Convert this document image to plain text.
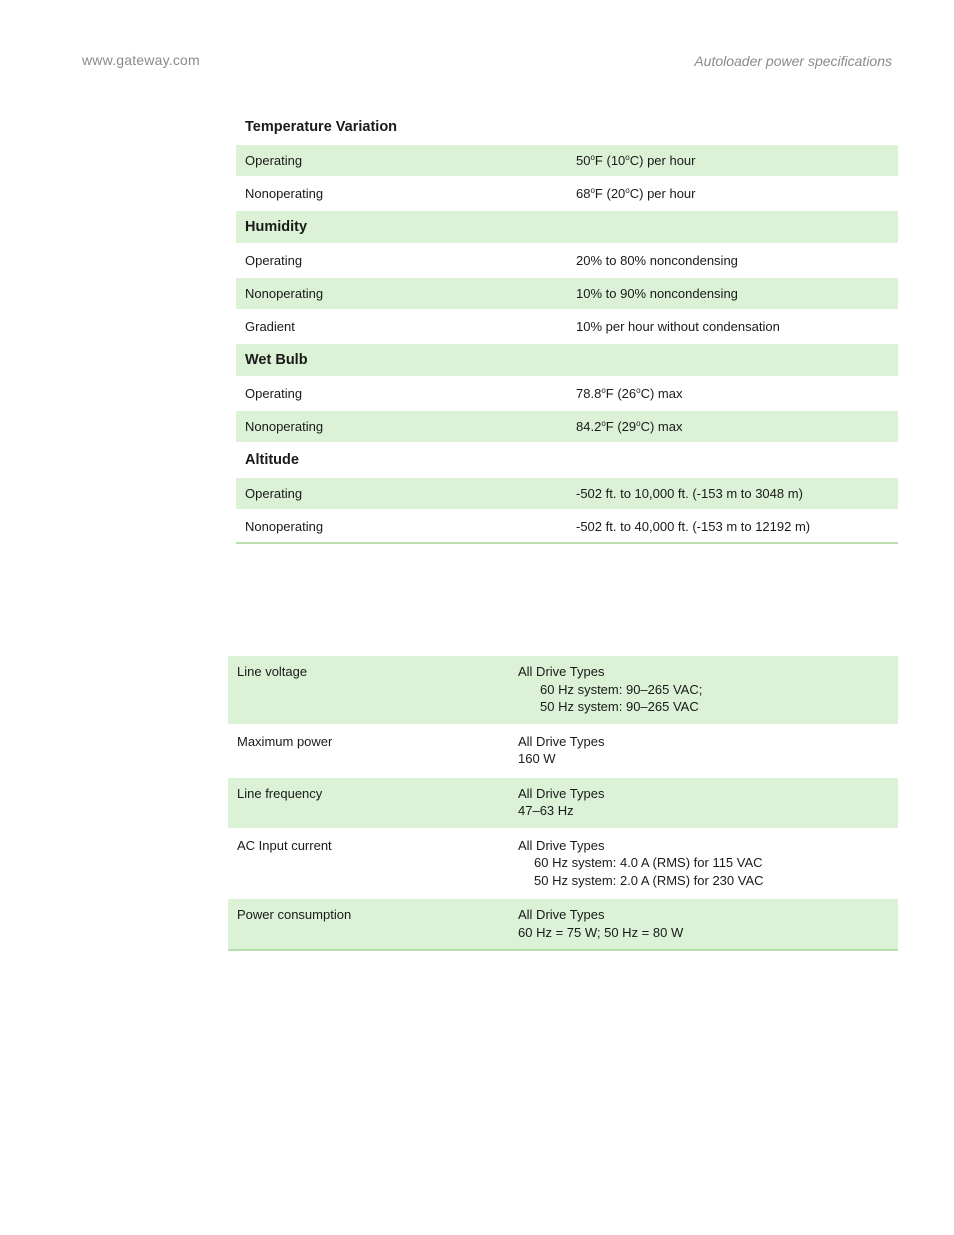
www.gateway.com	Autoloader power specifications
Temperature Variation	
Operating	50$^o$F (10$^o$C) per hour
Nonoperating	68$^o$F (20$^o$C) per hour
Humidity	
Operating	20% to 80% noncondensing
Nonoperating	10% to 90% noncondensing
Gradient	10% per hour without condensation
Wet Bulb	
Operating	78.8$^o$F (26$^o$C) max
Nonoperating	84.2$^o$F (29$^o$C) max
Altitude	
Operating	-502 ft. to 10,000 ft. (-153 m to 3048 m)
Nonoperating	-502 ft. to 40,000 ft. (-153 m to 12192 m)
Line voltage	All Drive Types
60 Hz system: 90–265 VAC;
50 Hz system: 90–265 VAC

Maximum power	All Drive Types
160 W

Line frequency	All Drive Types
47–63 Hz

AC Input current	All Drive Types
60 Hz system: 4.0 A (RMS) for 115 VAC
50 Hz system: 2.0 A (RMS) for 230 VAC

Power consumption	All Drive Types
60 Hz = 75 W; 50 Hz = 80 W
